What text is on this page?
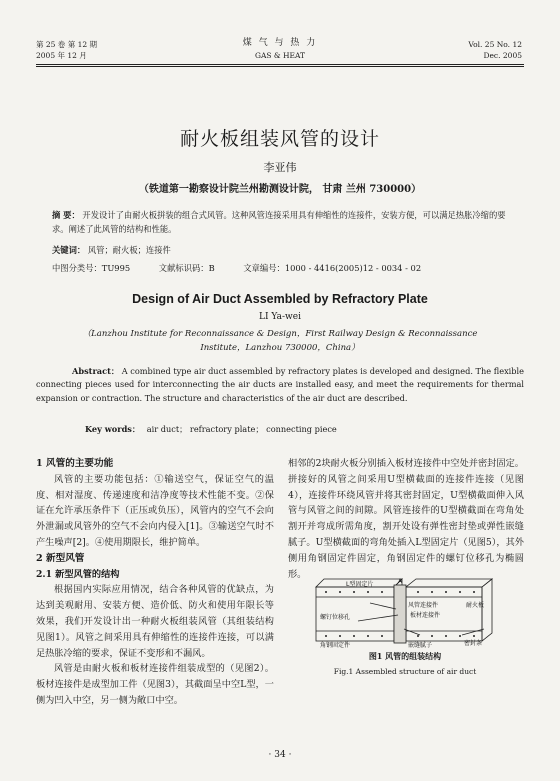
第 25 卷 第 12 期
2005 年 12 月
煤 气 与 热 力
GAS & HEAT
Vol. 25 No. 12
Dec. 2005
耐火板组装风管的设计
李亚伟
（铁道第一勘察设计院兰州勘测设计院， 甘肃 兰州 730000）
摘 要： 开发设计了由耐火板拼装的组合式风管。这种风管连接采用具有伸缩性的连接件，安装方便，可以满足热胀冷缩的要求。阐述了此风管的结构和性能。
关键词： 风管；耐火板；连接件
中图分类号：TU995	文献标识码：B	文章编号：1000 - 4416(2005)12 - 0034 - 02
Design of Air Duct Assembled by Refractory Plate
LI Ya-wei
（Lanzhou Institute for Reconnaissance & Design，First Railway Design & Reconnaissance
Institute，Lanzhou 730000，China）
Abstract： A combined type air duct assembled by refractory plates is developed and designed. The flexible connecting pieces used for interconnecting the air ducts are installed easy, and meet the requirements for thermal expansion or contraction. The structure and characteristics of the air duct are described.
Key words： air duct； refractory plate； connecting piece

1 风管的主要功能

风管的主要功能包括：①输送空气，保证空气的温度、相对湿度、传递速度和洁净度等技术性能不变。②保证在允许承压条件下（正压或负压），风管内的空气不会向外泄漏或风管外的空气不会向内侵入[1]。③输送空气时不产生噪声[2]。④使用期限长，维护简单。

2 新型风管

2.1 新型风管的结构

根据国内实际应用情况，结合各种风管的优缺点，为达到美观耐用、安装方便、造价低、防火和使用年限长等效果，我们开发设计出一种耐火板组装风管（其组装结构见图1）。风管之间采用具有伸缩性的连接件连接，可以满足热胀冷缩的要求，保证不变形和不漏风。

风管是由耐火板和板材连接件组装成型的（见图2）。板材连接件是成型加工件（见图3），其截面呈中空L型，一侧为凹入中空，另一侧为敞口中空。

相邻的2块耐火板分别插入板材连接件中空处并密封固定。拼接好的风管之间采用U型横截面的连接件连接（见图4），连接件环绕风管并将其密封固定，U型横截面伸入风管与风管之间的间隙。风管连接件的U型横截面在弯角处割开并弯成所需角度，割开处设有弹性密封垫或弹性嵌缝腻子。U型横截面的弯角处插入L型固定片（见图5），其外侧用角钢固定件固定，角钢固定件的螺钉位移孔为椭圆形。

L型固定片	A
风管连接件
板材连接件
螺钉位移孔
角钢固定件
耐火板
密封条
嵌缝腻子
图1 风管的组装结构
Fig.1 Assembled structure of air duct
· 34 ·
